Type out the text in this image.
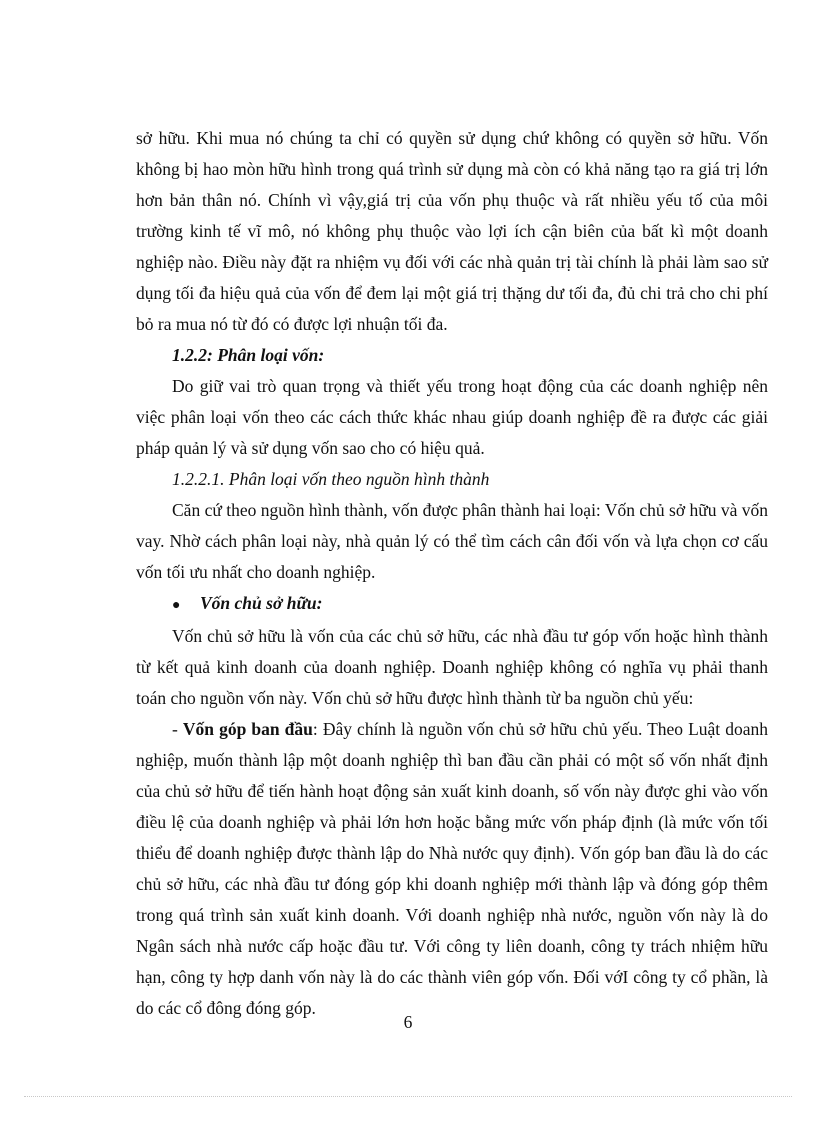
sở hữu. Khi mua nó chúng ta chỉ có quyền sử dụng chứ không có quyền sở hữu. Vốn không bị hao mòn hữu hình trong quá trình sử dụng mà còn có khả năng tạo ra giá trị lớn hơn bản thân nó. Chính vì vậy,giá trị của vốn phụ thuộc và rất nhiều yếu tố của môi trường kinh tế vĩ mô, nó không phụ thuộc vào lợi ích cận biên của bất kì một doanh nghiệp nào. Điều này đặt ra nhiệm vụ đối với các nhà quản trị tài chính là phải làm sao sử dụng tối đa hiệu quả của vốn để đem lại một giá trị thặng dư tối đa, đủ chi trả cho chi phí bỏ ra mua nó từ đó có được lợi nhuận tối đa.

1.2.2: Phân loại vốn:

Do giữ vai trò quan trọng và thiết yếu trong hoạt động của các doanh nghiệp nên việc phân loại vốn theo các cách thức khác nhau giúp doanh nghiệp đề ra được các giải pháp quản lý và sử dụng vốn sao cho có hiệu quả.

1.2.2.1. Phân loại vốn theo nguồn hình thành

Căn cứ theo nguồn hình thành, vốn được phân thành hai loại: Vốn chủ sở hữu và vốn vay. Nhờ cách phân loại này, nhà quản lý có thể tìm cách cân đối vốn và lựa chọn cơ cấu vốn tối ưu nhất cho doanh nghiệp.

●	Vốn chủ sở hữu:

Vốn chủ sở hữu là vốn của các chủ sở hữu, các nhà đầu tư góp vốn hoặc hình thành từ kết quả kinh doanh của doanh nghiệp. Doanh nghiệp không có nghĩa vụ phải thanh toán cho nguồn vốn này. Vốn chủ sở hữu được hình thành từ ba nguồn chủ yếu:

- Vốn góp ban đầu: Đây chính là nguồn vốn chủ sở hữu chủ yếu. Theo Luật doanh nghiệp, muốn thành lập một doanh nghiệp thì ban đầu cần phải có một số vốn nhất định của chủ sở hữu để tiến hành hoạt động sản xuất kinh doanh, số vốn này được ghi vào vốn điều lệ của doanh nghiệp và phải lớn hơn hoặc bằng mức vốn pháp định (là mức vốn tối thiểu để doanh nghiệp được thành lập do Nhà nước quy định). Vốn góp ban đầu là do các chủ sở hữu, các nhà đầu tư đóng góp khi doanh nghiệp mới thành lập và đóng góp thêm trong quá trình sản xuất kinh doanh. Với doanh nghiệp nhà nước, nguồn vốn này là do Ngân sách nhà nước cấp hoặc đầu tư. Với công ty liên doanh, công ty trách nhiệm hữu hạn, công ty hợp danh vốn này là do các thành viên góp vốn. Đối vớI công ty cổ phần, là do các cổ đông đóng góp.

6
